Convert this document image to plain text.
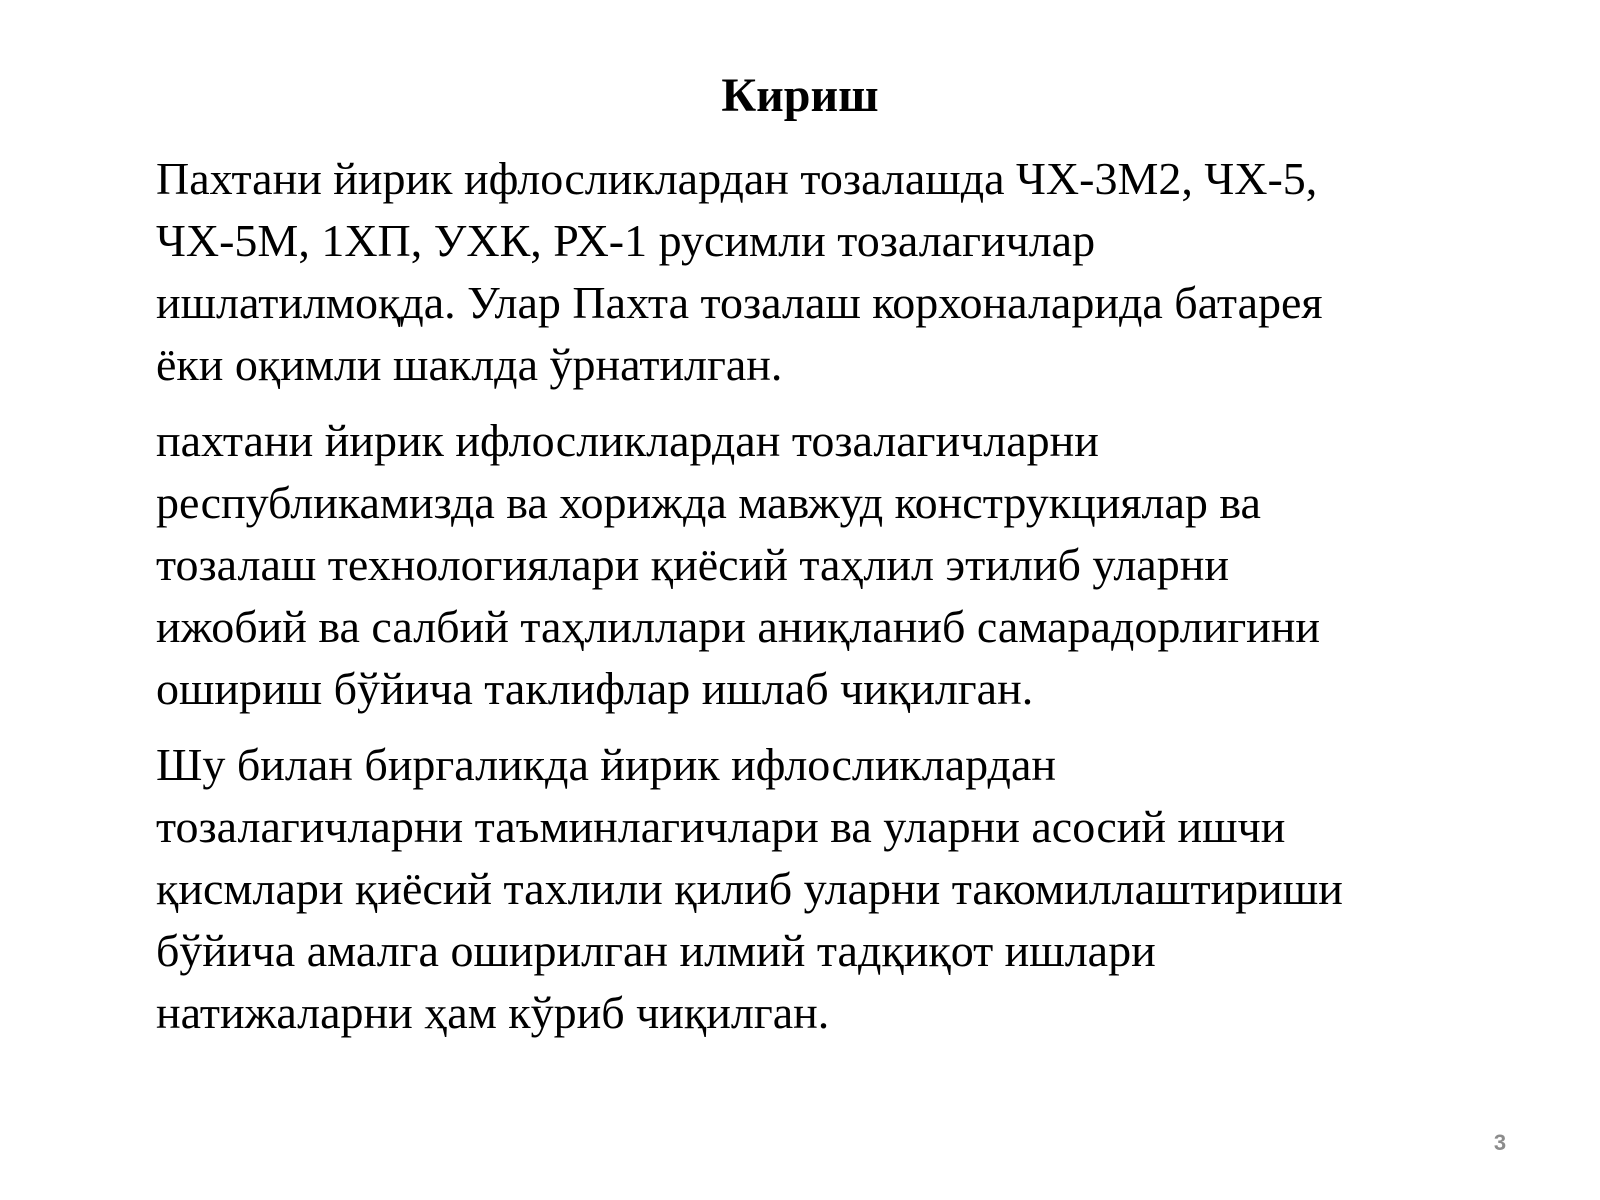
Кириш

Пахтани йирик ифлосликлардан тозалашда ЧХ-3М2, ЧХ-5,
ЧХ-5М, 1ХП, УХК, РХ-1 русимли тозалагичлар
ишлатилмоқда. Улар Пахта тозалаш корхоналарида батарея
ёки оқимли шаклда ўрнатилган.

пахтани йирик ифлосликлардан тозалагичларни
республикамизда ва хорижда мавжуд конструкциялар ва
тозалаш технологиялари қиёсий таҳлил этилиб уларни
ижобий ва салбий таҳлиллари аниқланиб самарадорлигини
ошириш бўйича таклифлар ишлаб чиқилган.

Шу билан биргаликда йирик ифлосликлардан
тозалагичларни таъминлагичлари ва уларни асосий ишчи
қисмлари қиёсий тахлили қилиб уларни такомиллаштириши
бўйича амалга оширилган илмий тадқиқот ишлари
натижаларни ҳам кўриб чиқилган.

3
